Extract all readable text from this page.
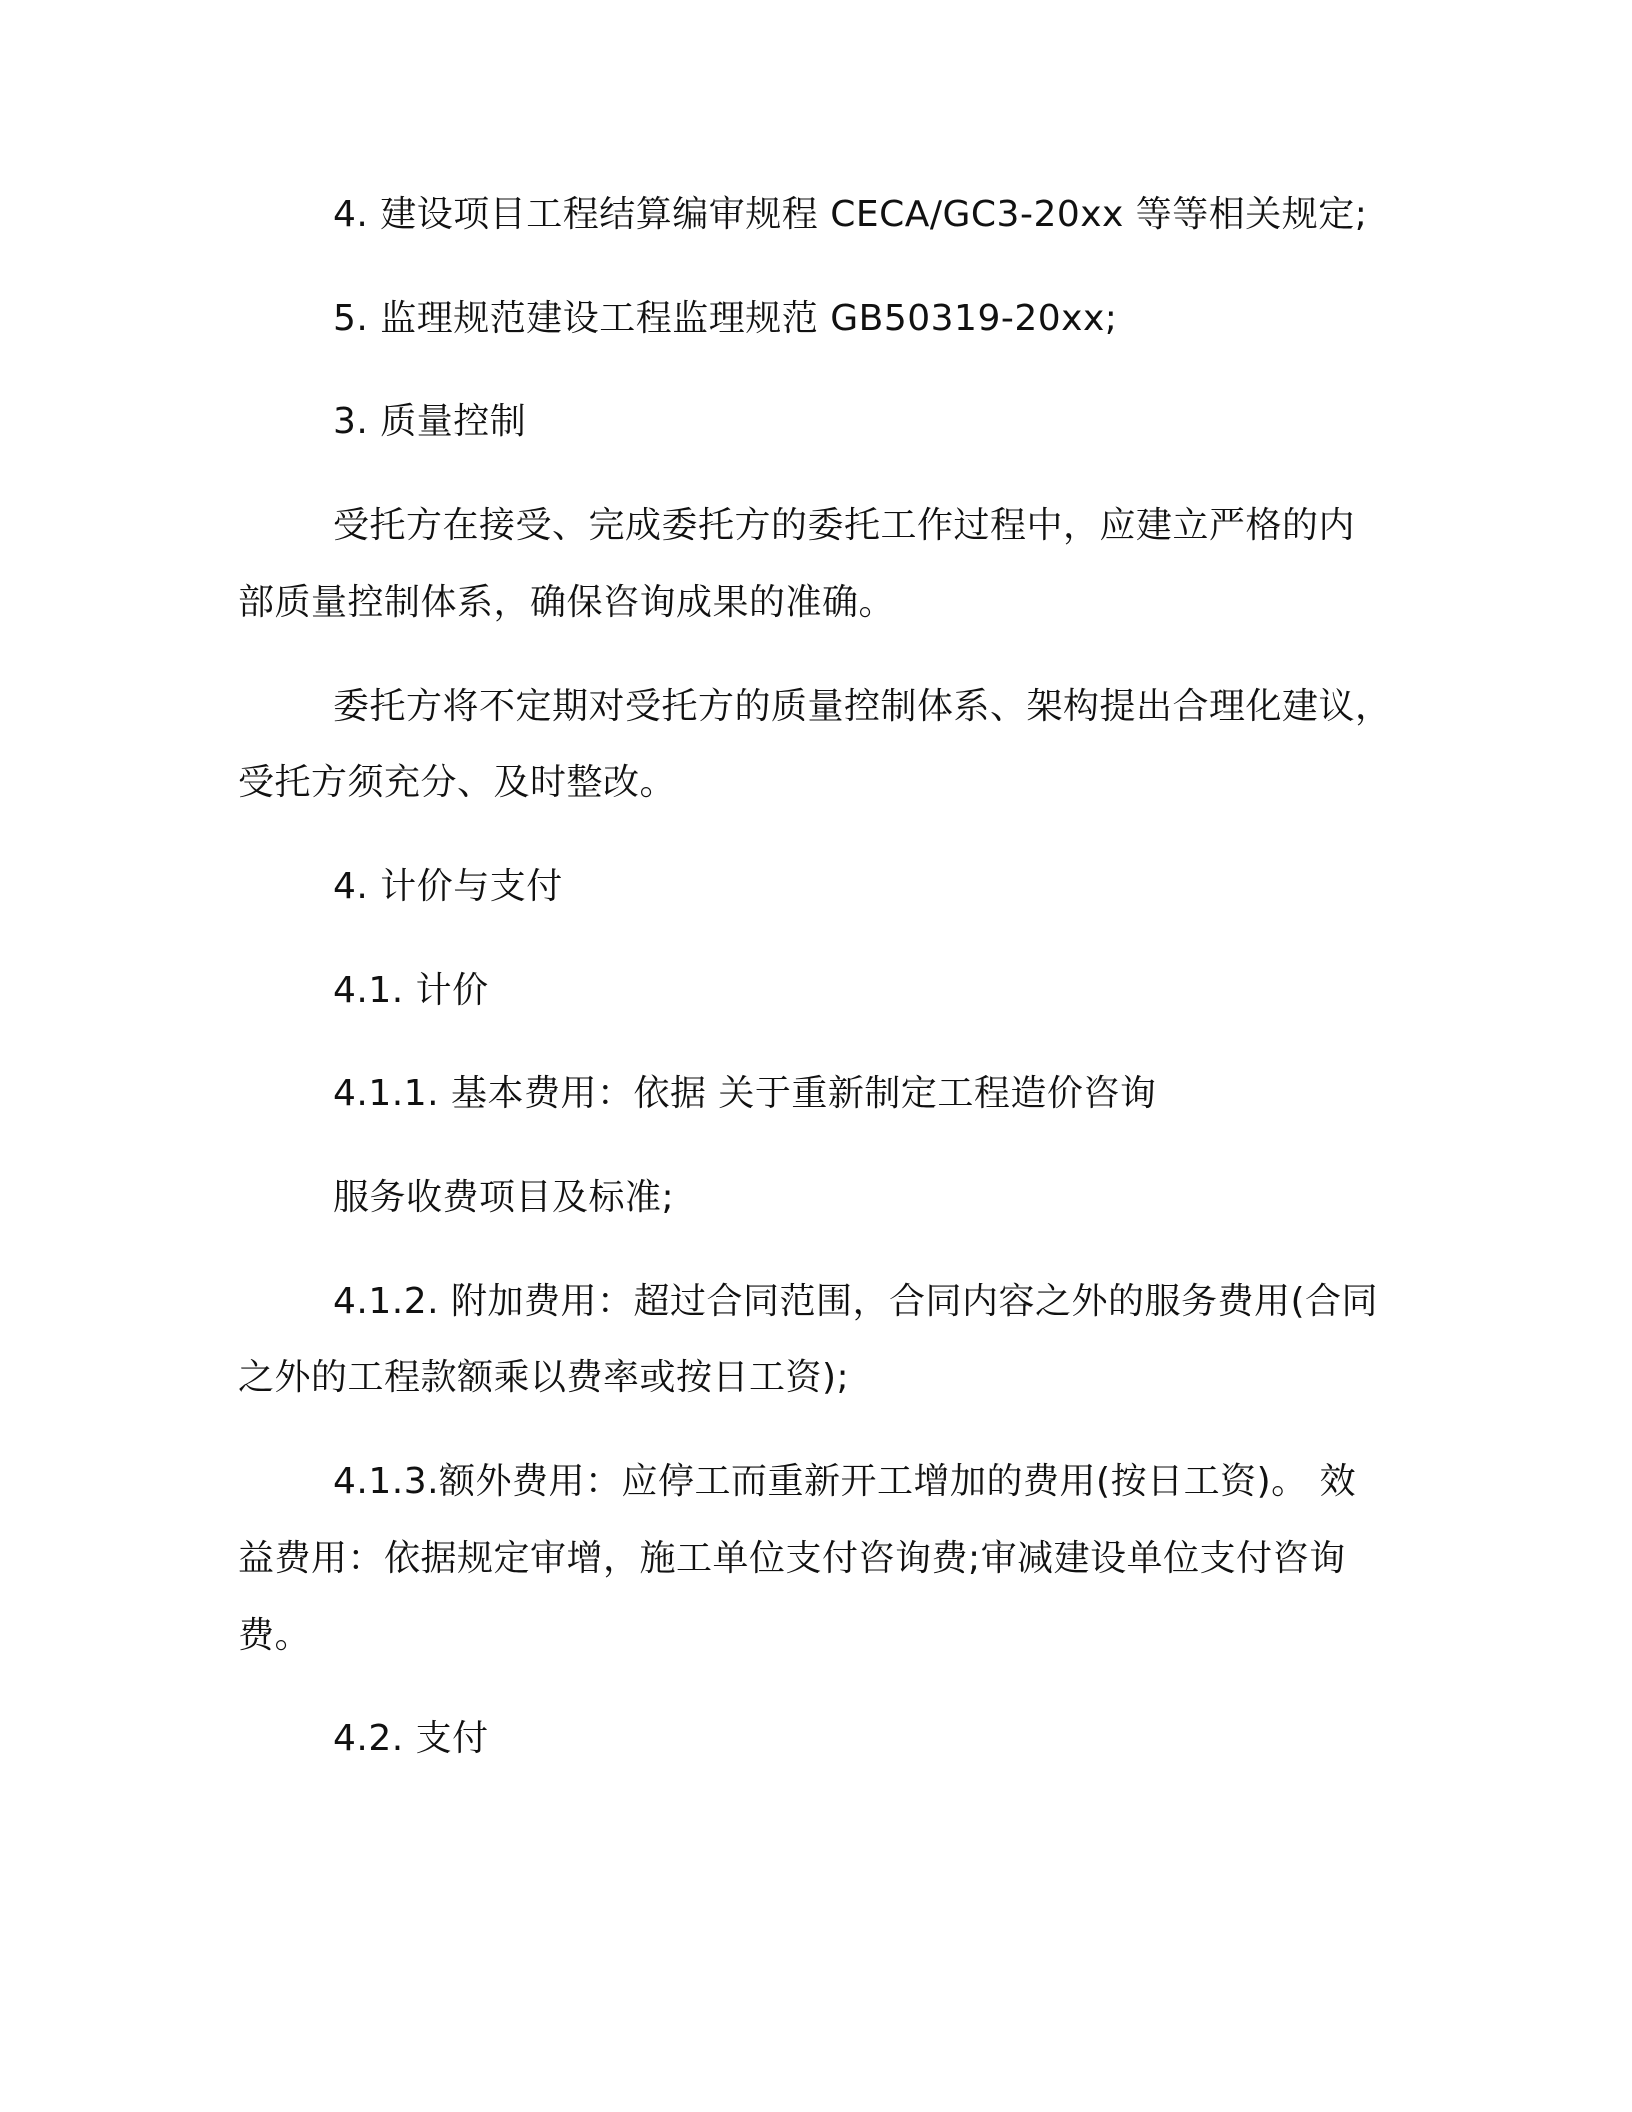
4. 建设项目工程结算编审规程 CECA/GC3-20xx 等等相关规定;
5. 监理规范建设工程监理规范 GB50319-20xx;
3. 质量控制
受托方在接受、完成委托方的委托工作过程中，应建立严格的内
部质量控制体系，确保咨询成果的准确。
委托方将不定期对受托方的质量控制体系、架构提出合理化建议，
受托方须充分、及时整改。
4. 计价与支付
4.1. 计价
4.1.1. 基本费用：依据 关于重新制定工程造价咨询
服务收费项目及标准;
4.1.2. 附加费用：超过合同范围，合同内容之外的服务费用(合同
之外的工程款额乘以费率或按日工资);
4.1.3.额外费用：应停工而重新开工增加的费用(按日工资)。 效
益费用：依据规定审增，施工单位支付咨询费;审减建设单位支付咨询
费。
4.2. 支付
